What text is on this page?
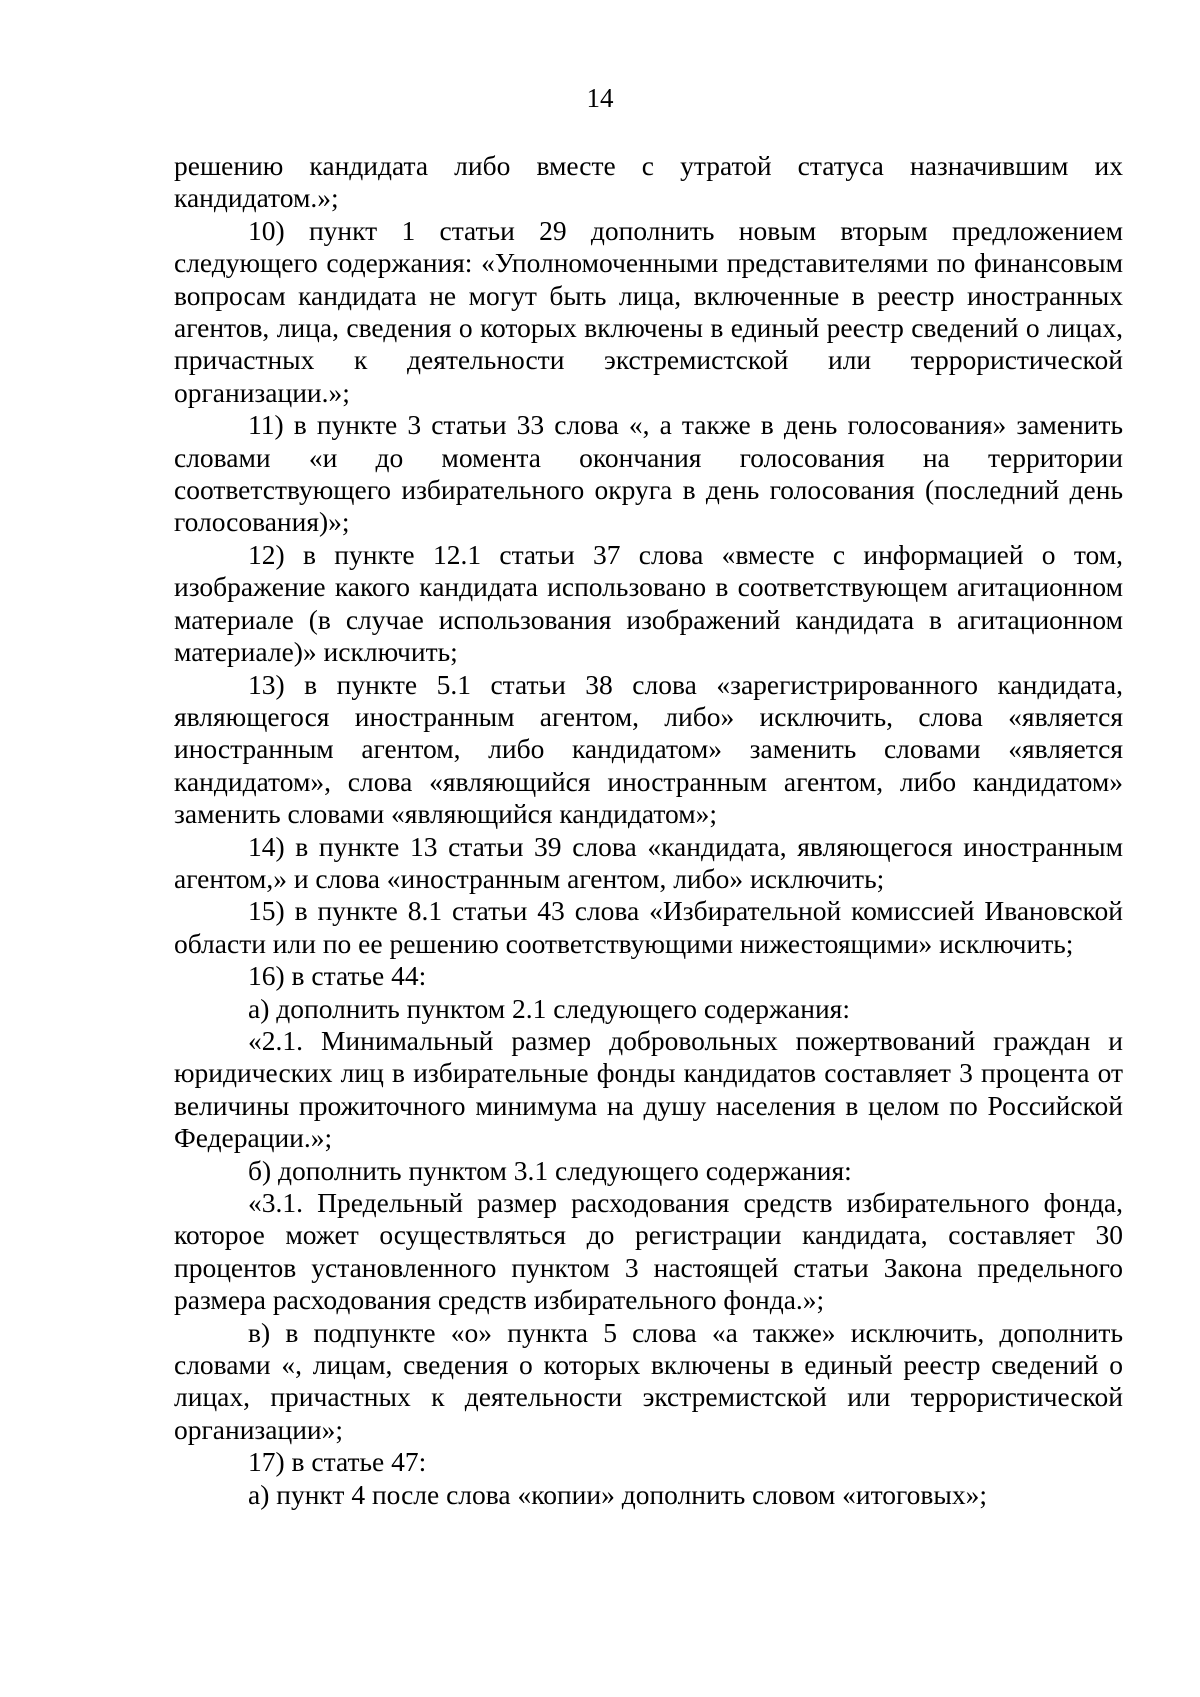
14

решению кандидата либо вместе с утратой статуса назначившим их кандидатом.»;

10) пункт 1 статьи 29 дополнить новым вторым предложением следующего содержания: «Уполномоченными представителями по финансовым вопросам кандидата не могут быть лица, включенные в реестр иностранных агентов, лица, сведения о которых включены в единый реестр сведений о лицах, причастных к деятельности экстремистской или террористической организации.»;

11) в пункте 3 статьи 33 слова «, а также в день голосования» заменить словами «и до момента окончания голосования на территории соответствующего избирательного округа в день голосования (последний день голосования)»;

12) в пункте 12.1 статьи 37 слова «вместе с информацией о том, изображение какого кандидата использовано в соответствующем агитационном материале (в случае использования изображений кандидата в агитационном материале)» исключить;

13) в пункте 5.1 статьи 38 слова «зарегистрированного кандидата, являющегося иностранным агентом, либо» исключить, слова «является иностранным агентом, либо кандидатом» заменить словами «является кандидатом», слова «являющийся иностранным агентом, либо кандидатом» заменить словами «являющийся кандидатом»;

14) в пункте 13 статьи 39 слова «кандидата, являющегося иностранным агентом,» и слова «иностранным агентом, либо» исключить;

15) в пункте 8.1 статьи 43 слова «Избирательной комиссией Ивановской области или по ее решению соответствующими нижестоящими» исключить;

16) в статье 44:

а) дополнить пунктом 2.1 следующего содержания:

«2.1. Минимальный размер добровольных пожертвований граждан и юридических лиц в избирательные фонды кандидатов составляет 3 процента от величины прожиточного минимума на душу населения в целом по Российской Федерации.»;

б) дополнить пунктом 3.1 следующего содержания:

«3.1. Предельный размер расходования средств избирательного фонда, которое может осуществляться до регистрации кандидата, составляет 30 процентов установленного пунктом 3 настоящей статьи Закона предельного размера расходования средств избирательного фонда.»;

в) в подпункте «о» пункта 5 слова «а также» исключить, дополнить словами «, лицам, сведения о которых включены в единый реестр сведений о лицах, причастных к деятельности экстремистской или террористической организации»;

17) в статье 47:

а) пункт 4 после слова «копии» дополнить словом «итоговых»;
